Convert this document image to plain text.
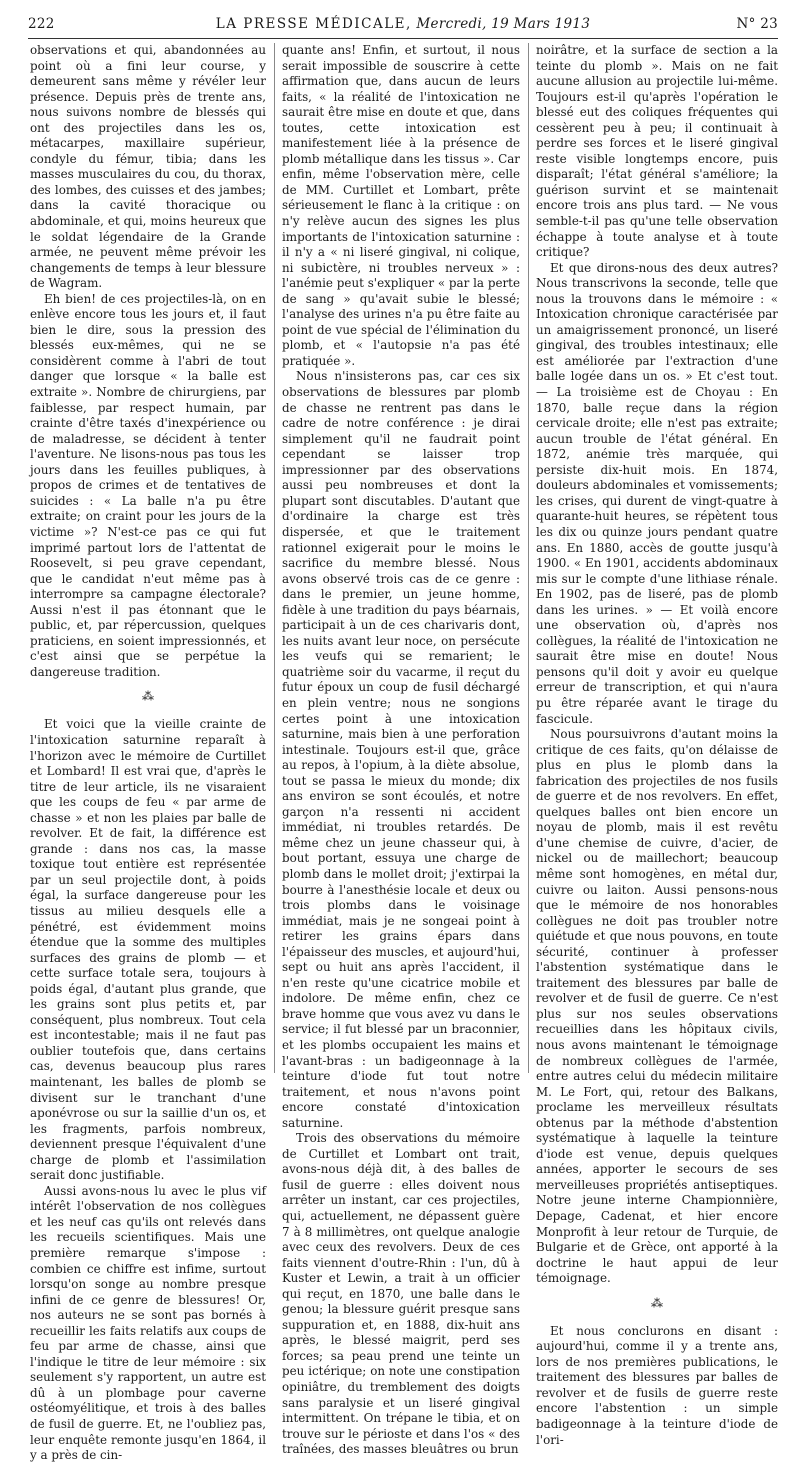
222	LA PRESSE MÉDICALE, Mercredi, 19 Mars 1913	N° 23

observations et qui, abandonnées au point où a fini leur course, y demeurent sans même y révéler leur présence. Depuis près de trente ans, nous suivons nombre de blessés qui ont des projectiles dans les os, métacarpes, maxillaire supérieur, condyle du fémur, tibia; dans les masses musculaires du cou, du thorax, des lombes, des cuisses et des jambes; dans la cavité thoracique ou abdominale, et qui, moins heureux que le soldat légendaire de la Grande armée, ne peuvent même prévoir les changements de temps à leur blessure de Wagram.

Eh bien! de ces projectiles-là, on en enlève encore tous les jours et, il faut bien le dire, sous la pression des blessés eux-mêmes, qui ne se considèrent comme à l'abri de tout danger que lorsque « la balle est extraite ». Nombre de chirurgiens, par faiblesse, par respect humain, par crainte d'être taxés d'inexpérience ou de maladresse, se décident à tenter l'aventure. Ne lisons-nous pas tous les jours dans les feuilles publiques, à propos de crimes et de tentatives de suicides : « La balle n'a pu être extraite; on craint pour les jours de la victime »? N'est-ce pas ce qui fut imprimé partout lors de l'attentat de Roosevelt, si peu grave cependant, que le candidat n'eut même pas à interrompre sa campagne électorale? Aussi n'est il pas étonnant que le public, et, par répercussion, quelques praticiens, en soient impressionnés, et c'est ainsi que se perpétue la dangereuse tradition.

⁂

Et voici que la vieille crainte de l'intoxication saturnine reparaît à l'horizon avec le mémoire de Curtillet et Lombard! Il est vrai que, d'après le titre de leur article, ils ne visaraient que les coups de feu « par arme de chasse » et non les plaies par balle de revolver. Et de fait, la différence est grande : dans nos cas, la masse toxique tout entière est représentée par un seul projectile dont, à poids égal, la surface dangereuse pour les tissus au milieu desquels elle a pénétré, est évidemment moins étendue que la somme des multiples surfaces des grains de plomb — et cette surface totale sera, toujours à poids égal, d'autant plus grande, que les grains sont plus petits et, par conséquent, plus nombreux. Tout cela est incontestable; mais il ne faut pas oublier toutefois que, dans certains cas, devenus beaucoup plus rares maintenant, les balles de plomb se divisent sur le tranchant d'une aponévrose ou sur la saillie d'un os, et les fragments, parfois nombreux, deviennent presque l'équivalent d'une charge de plomb et l'assimilation serait donc justifiable.

Aussi avons-nous lu avec le plus vif intérêt l'observation de nos collègues et les neuf cas qu'ils ont relevés dans les recueils scientifiques. Mais une première remarque s'impose : combien ce chiffre est infime, surtout lorsqu'on songe au nombre presque infini de ce genre de blessures! Or, nos auteurs ne se sont pas bornés à recueillir les faits relatifs aux coups de feu par arme de chasse, ainsi que l'indique le titre de leur mémoire : six seulement s'y rapportent, un autre est dû à un plombage pour caverne ostéomyélitique, et trois à des balles de fusil de guerre. Et, ne l'oubliez pas, leur enquête remonte jusqu'en 1864, il y a près de cin-

quante ans! Enfin, et surtout, il nous serait impossible de souscrire à cette affirmation que, dans aucun de leurs faits, « la réalité de l'intoxication ne saurait être mise en doute et que, dans toutes, cette intoxication est manifestement liée à la présence de plomb métallique dans les tissus ». Car enfin, même l'observation mère, celle de MM. Curtillet et Lombart, prête sérieusement le flanc à la critique : on n'y relève aucun des signes les plus importants de l'intoxication saturnine : il n'y a « ni liseré gingival, ni colique, ni subictère, ni troubles nerveux » : l'anémie peut s'expliquer « par la perte de sang » qu'avait subie le blessé; l'analyse des urines n'a pu être faite au point de vue spécial de l'élimination du plomb, et « l'autopsie n'a pas été pratiquée ».

Nous n'insisterons pas, car ces six observations de blessures par plomb de chasse ne rentrent pas dans le cadre de notre conférence : je dirai simplement qu'il ne faudrait point cependant se laisser trop impressionner par des observations aussi peu nombreuses et dont la plupart sont discutables. D'autant que d'ordinaire la charge est très dispersée, et que le traitement rationnel exigerait pour le moins le sacrifice du membre blessé. Nous avons observé trois cas de ce genre : dans le premier, un jeune homme, fidèle à une tradition du pays béarnais, participait à un de ces charivaris dont, les nuits avant leur noce, on persécute les veufs qui se remarient; le quatrième soir du vacarme, il reçut du futur époux un coup de fusil déchargé en plein ventre; nous ne songions certes point à une intoxication saturnine, mais bien à une perforation intestinale. Toujours est-il que, grâce au repos, à l'opium, à la diète absolue, tout se passa le mieux du monde; dix ans environ se sont écoulés, et notre garçon n'a ressenti ni accident immédiat, ni troubles retardés. De même chez un jeune chasseur qui, à bout portant, essuya une charge de plomb dans le mollet droit; j'extirpai la bourre à l'anesthésie locale et deux ou trois plombs dans le voisinage immédiat, mais je ne songeai point à retirer les grains épars dans l'épaisseur des muscles, et aujourd'hui, sept ou huit ans après l'accident, il n'en reste qu'une cicatrice mobile et indolore. De même enfin, chez ce brave homme que vous avez vu dans le service; il fut blessé par un braconnier, et les plombs occupaient les mains et l'avant-bras : un badigeonnage à la teinture d'iode fut tout notre traitement, et nous n'avons point encore constaté d'intoxication saturnine.

Trois des observations du mémoire de Curtillet et Lombart ont trait, avons-nous déjà dit, à des balles de fusil de guerre : elles doivent nous arrêter un instant, car ces projectiles, qui, actuellement, ne dépassent guère 7 à 8 millimètres, ont quelque analogie avec ceux des revolvers. Deux de ces faits viennent d'outre-Rhin : l'un, dû à Kuster et Lewin, a trait à un officier qui reçut, en 1870, une balle dans le genou; la blessure guérit presque sans suppuration et, en 1888, dix-huit ans après, le blessé maigrit, perd ses forces; sa peau prend une teinte un peu ictérique; on note une constipation opiniâtre, du tremblement des doigts sans paralysie et un liseré gingival intermittent. On trépane le tibia, et on trouve sur le périoste et dans l'os « des traînées, des masses bleuâtres ou brun

noirâtre, et la surface de section a la teinte du plomb ». Mais on ne fait aucune allusion au projectile lui-même. Toujours est-il qu'après l'opération le blessé eut des coliques fréquentes qui cessèrent peu à peu; il continuait à perdre ses forces et le liseré gingival reste visible longtemps encore, puis disparaît; l'état général s'améliore; la guérison survint et se maintenait encore trois ans plus tard. — Ne vous semble-t-il pas qu'une telle observation échappe à toute analyse et à toute critique?

Et que dirons-nous des deux autres? Nous transcrivons la seconde, telle que nous la trouvons dans le mémoire : « Intoxication chronique caractérisée par un amaigrissement prononcé, un liseré gingival, des troubles intestinaux; elle est améliorée par l'extraction d'une balle logée dans un os. » Et c'est tout. — La troisième est de Choyau : En 1870, balle reçue dans la région cervicale droite; elle n'est pas extraite; aucun trouble de l'état général. En 1872, anémie très marquée, qui persiste dix-huit mois. En 1874, douleurs abdominales et vomissements; les crises, qui durent de vingt-quatre à quarante-huit heures, se répètent tous les dix ou quinze jours pendant quatre ans. En 1880, accès de goutte jusqu'à 1900. « En 1901, accidents abdominaux mis sur le compte d'une lithiase rénale. En 1902, pas de liseré, pas de plomb dans les urines. » — Et voilà encore une observation où, d'après nos collègues, la réalité de l'intoxication ne saurait être mise en doute! Nous pensons qu'il doit y avoir eu quelque erreur de transcription, et qui n'aura pu être réparée avant le tirage du fascicule.

Nous poursuivrons d'autant moins la critique de ces faits, qu'on délaisse de plus en plus le plomb dans la fabrication des projectiles de nos fusils de guerre et de nos revolvers. En effet, quelques balles ont bien encore un noyau de plomb, mais il est revêtu d'une chemise de cuivre, d'acier, de nickel ou de maillechort; beaucoup même sont homogènes, en métal dur, cuivre ou laiton. Aussi pensons-nous que le mémoire de nos honorables collègues ne doit pas troubler notre quiétude et que nous pouvons, en toute sécurité, continuer à professer l'abstention systématique dans le traitement des blessures par balle de revolver et de fusil de guerre. Ce n'est plus sur nos seules observations recueillies dans les hôpitaux civils, nous avons maintenant le témoignage de nombreux collègues de l'armée, entre autres celui du médecin militaire M. Le Fort, qui, retour des Balkans, proclame les merveilleux résultats obtenus par la méthode d'abstention systématique à laquelle la teinture d'iode est venue, depuis quelques années, apporter le secours de ses merveilleuses propriétés antiseptiques. Notre jeune interne Championnière, Depage, Cadenat, et hier encore Monprofit à leur retour de Turquie, de Bulgarie et de Grèce, ont apporté à la doctrine le haut appui de leur témoignage.

⁂

Et nous conclurons en disant : aujourd'hui, comme il y a trente ans, lors de nos premières publications, le traitement des blessures par balles de revolver et de fusils de guerre reste encore l'abstention : un simple badigeonnage à la teinture d'iode de l'ori-
